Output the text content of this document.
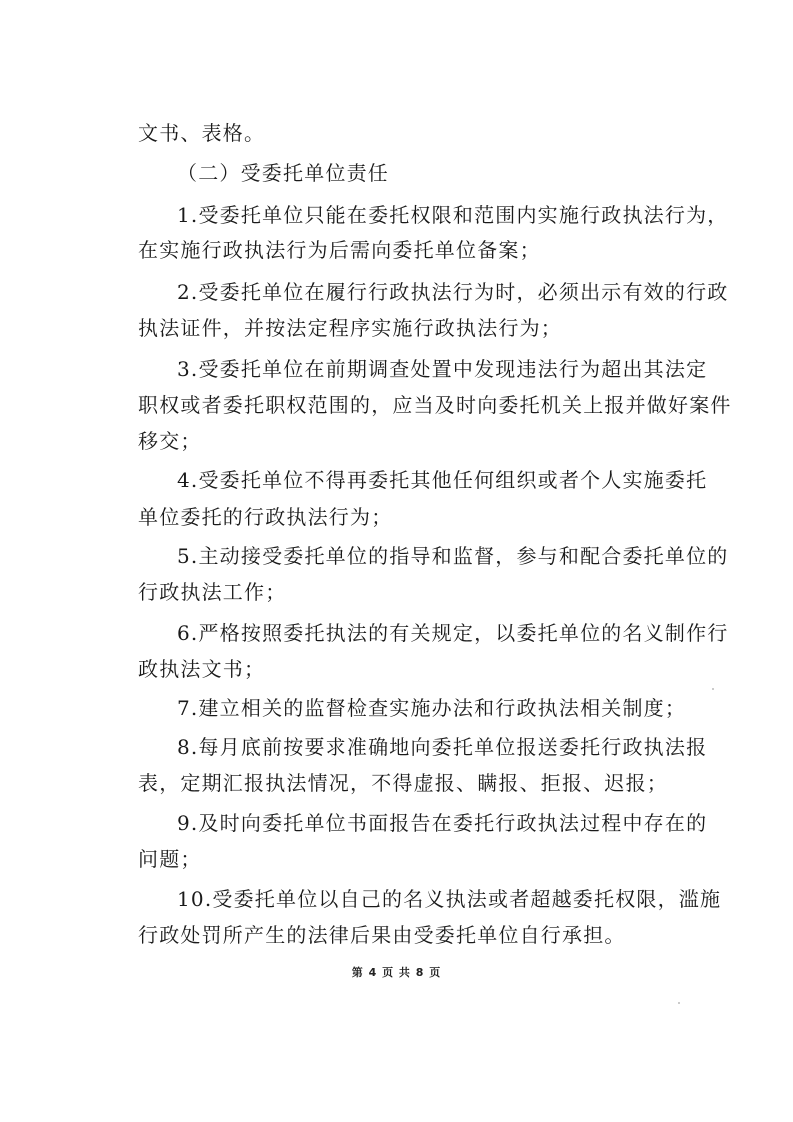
文书、表格。
（二）受委托单位责任
1.受委托单位只能在委托权限和范围内实施行政执法行为，
在实施行政执法行为后需向委托单位备案；
2.受委托单位在履行行政执法行为时，必须出示有效的行政
执法证件，并按法定程序实施行政执法行为；
3.受委托单位在前期调查处置中发现违法行为超出其法定
职权或者委托职权范围的，应当及时向委托机关上报并做好案件
移交；
4.受委托单位不得再委托其他任何组织或者个人实施委托
单位委托的行政执法行为；
5.主动接受委托单位的指导和监督，参与和配合委托单位的
行政执法工作；
6.严格按照委托执法的有关规定，以委托单位的名义制作行
政执法文书；
7.建立相关的监督检查实施办法和行政执法相关制度；
8.每月底前按要求准确地向委托单位报送委托行政执法报
表，定期汇报执法情况，不得虚报、瞒报、拒报、迟报；
9.及时向委托单位书面报告在委托行政执法过程中存在的
问题；
10.受委托单位以自己的名义执法或者超越委托权限，滥施
行政处罚所产生的法律后果由受委托单位自行承担。
第 4 页 共 8 页
